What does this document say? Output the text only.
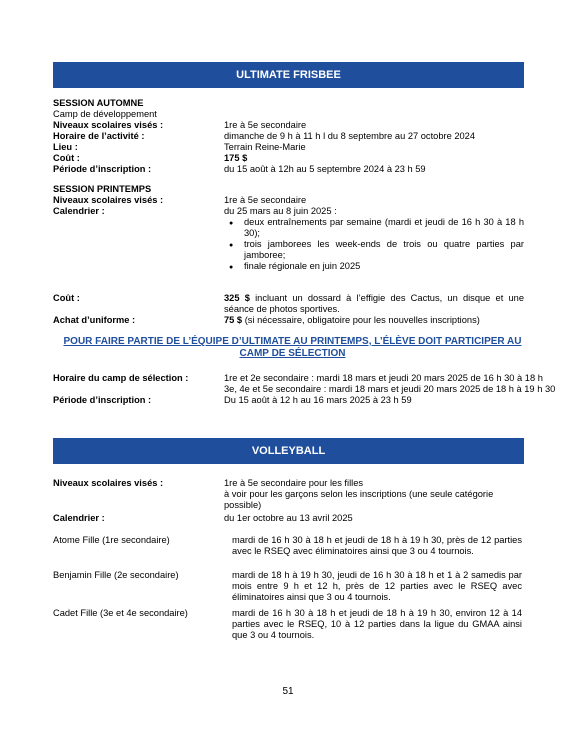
ULTIMATE FRISBEE
SESSION AUTOMNE
Camp de développement
Niveaux scolaires visés :	1re à 5e secondaire
Horaire de l’activité :	dimanche de 9 h à 11 h l du 8 septembre au 27 octobre 2024
Lieu :	Terrain Reine-Marie
Coût :	175 $
Période d’inscription :	du 15 août à 12h au 5 septembre 2024 à 23 h 59
SESSION PRINTEMPS
Niveaux scolaires visés :	1re à 5e secondaire
Calendrier :	du 25 mars au 8 juin 2025 :
● deux entraînements par semaine (mardi et jeudi de 16 h 30 à 18 h 30);
● trois jamborees les week-ends de trois ou quatre parties par jamboree;
● finale régionale en juin 2025
Coût :	325 $ incluant un dossard à l’effigie des Cactus, un disque et une séance de photos sportives.
Achat d’uniforme :	75 $ (si nécessaire, obligatoire pour les nouvelles inscriptions)
POUR FAIRE PARTIE DE L’ÉQUIPE D’ULTIMATE AU PRINTEMPS, L’ÉLÈVE DOIT PARTICIPER AU CAMP DE SÉLECTION
Horaire du camp de sélection :	1re et 2e secondaire : mardi 18 mars et jeudi 20 mars 2025 de 16 h 30 à 18 h
3e, 4e et 5e secondaire : mardi 18 mars et jeudi 20 mars 2025 de 18 h à 19 h 30
Période d’inscription :	Du 15 août à 12 h au 16 mars 2025 à 23 h 59
VOLLEYBALL
Niveaux scolaires visés :	1re à 5e secondaire pour les filles
à voir pour les garçons selon les inscriptions (une seule catégorie possible)
Calendrier :	du 1er octobre au 13 avril 2025
Atome Fille (1re secondaire)	mardi de 16 h 30 à 18 h et jeudi de 18 h à 19 h 30, près de 12 parties avec le RSEQ avec éliminatoires ainsi que 3 ou 4 tournois.
Benjamin Fille (2e secondaire)	mardi de 18 h à 19 h 30, jeudi de 16 h 30 à 18 h et 1 à 2 samedis par mois entre 9 h et 12 h, près de 12 parties avec le RSEQ avec éliminatoires ainsi que 3 ou 4 tournois.
Cadet Fille (3e et 4e secondaire)	mardi de 16 h 30 à 18 h et jeudi de 18 h à 19 h 30, environ 12 à 14 parties avec le RSEQ, 10 à 12 parties dans la ligue du GMAA ainsi que 3 ou 4 tournois.
51
